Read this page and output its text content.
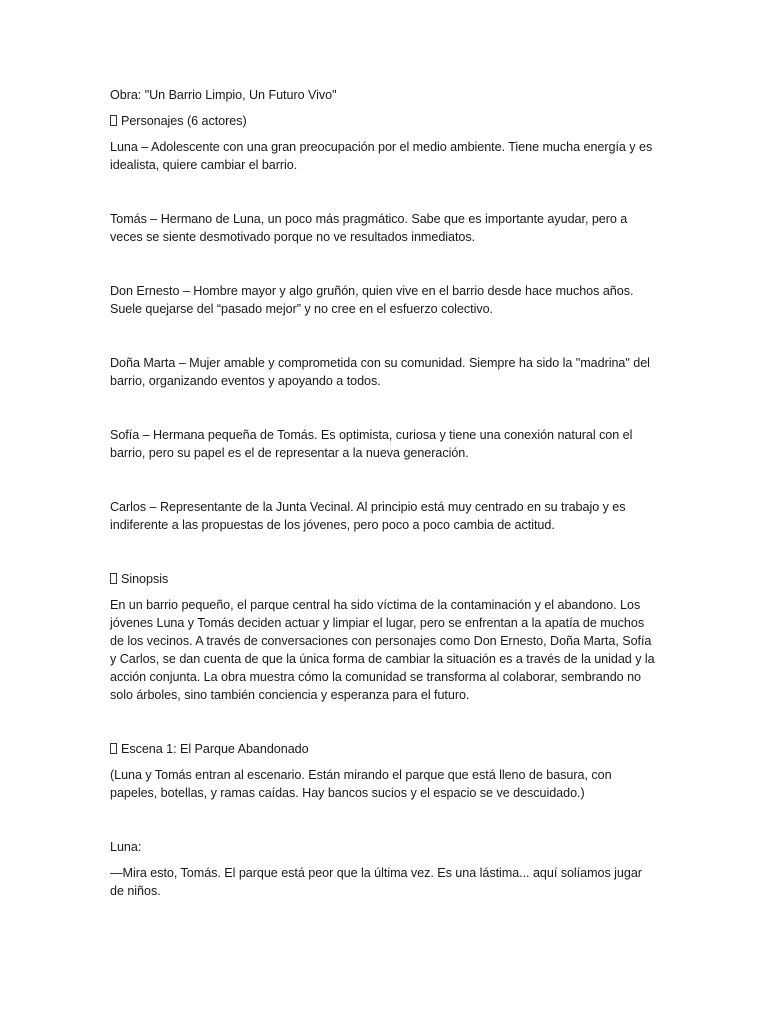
Obra: "Un Barrio Limpio, Un Futuro Vivo"

Personajes (6 actores)

Luna – Adolescente con una gran preocupación por el medio ambiente. Tiene mucha energía y es idealista, quiere cambiar el barrio.

Tomás – Hermano de Luna, un poco más pragmático. Sabe que es importante ayudar, pero a veces se siente desmotivado porque no ve resultados inmediatos.

Don Ernesto – Hombre mayor y algo gruñón, quien vive en el barrio desde hace muchos años. Suele quejarse del “pasado mejor” y no cree en el esfuerzo colectivo.

Doña Marta – Mujer amable y comprometida con su comunidad. Siempre ha sido la "madrina" del barrio, organizando eventos y apoyando a todos.

Sofía – Hermana pequeña de Tomás. Es optimista, curiosa y tiene una conexión natural con el barrio, pero su papel es el de representar a la nueva generación.

Carlos – Representante de la Junta Vecinal. Al principio está muy centrado en su trabajo y es indiferente a las propuestas de los jóvenes, pero poco a poco cambia de actitud.

Sinopsis

En un barrio pequeño, el parque central ha sido víctima de la contaminación y el abandono. Los jóvenes Luna y Tomás deciden actuar y limpiar el lugar, pero se enfrentan a la apatía de muchos de los vecinos. A través de conversaciones con personajes como Don Ernesto, Doña Marta, Sofía y Carlos, se dan cuenta de que la única forma de cambiar la situación es a través de la unidad y la acción conjunta. La obra muestra cómo la comunidad se transforma al colaborar, sembrando no solo árboles, sino también conciencia y esperanza para el futuro.

Escena 1: El Parque Abandonado

(Luna y Tomás entran al escenario. Están mirando el parque que está lleno de basura, con papeles, botellas, y ramas caídas. Hay bancos sucios y el espacio se ve descuidado.)

Luna:

—Mira esto, Tomás. El parque está peor que la última vez. Es una lástima... aquí solíamos jugar de niños.
